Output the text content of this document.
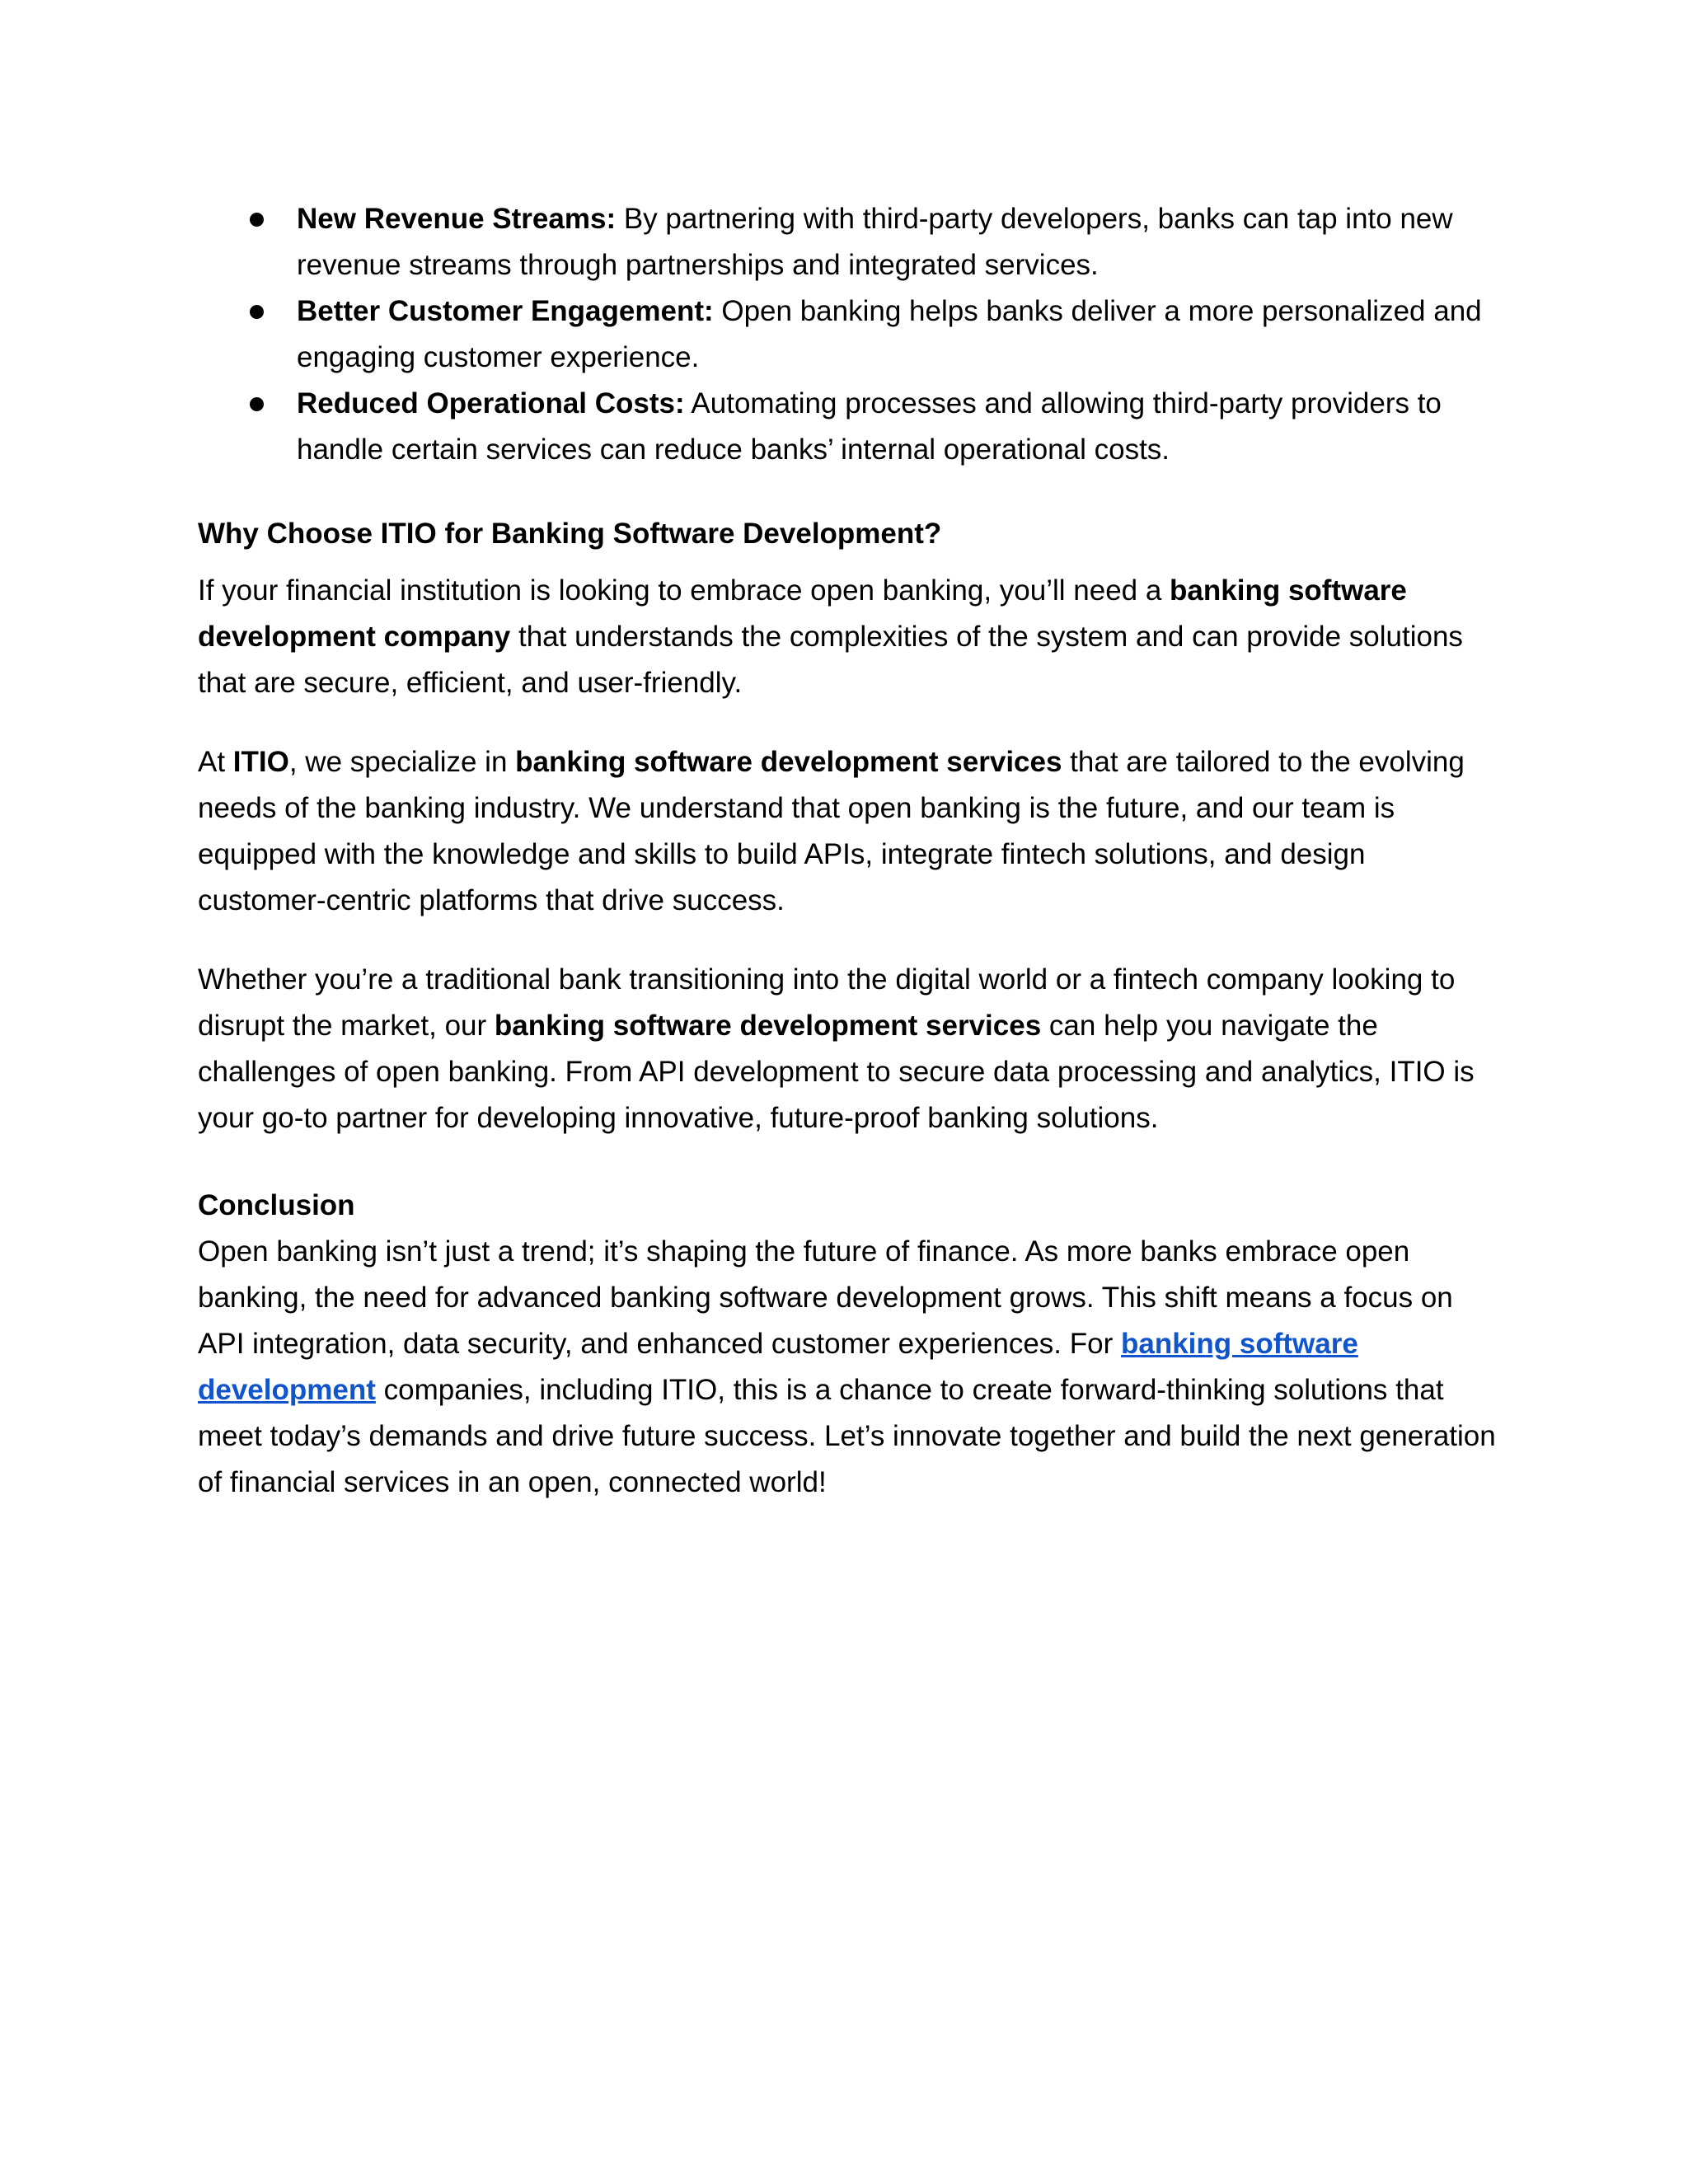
New Revenue Streams: By partnering with third-party developers, banks can tap into new revenue streams through partnerships and integrated services.
Better Customer Engagement: Open banking helps banks deliver a more personalized and engaging customer experience.
Reduced Operational Costs: Automating processes and allowing third-party providers to handle certain services can reduce banks’ internal operational costs.

Why Choose ITIO for Banking Software Development?

If your financial institution is looking to embrace open banking, you’ll need a banking software development company that understands the complexities of the system and can provide solutions that are secure, efficient, and user-friendly.

At ITIO, we specialize in banking software development services that are tailored to the evolving needs of the banking industry. We understand that open banking is the future, and our team is equipped with the knowledge and skills to build APIs, integrate fintech solutions, and design customer-centric platforms that drive success.

Whether you’re a traditional bank transitioning into the digital world or a fintech company looking to disrupt the market, our banking software development services can help you navigate the challenges of open banking. From API development to secure data processing and analytics, ITIO is your go-to partner for developing innovative, future-proof banking solutions.

Conclusion

Open banking isn’t just a trend; it’s shaping the future of finance. As more banks embrace open banking, the need for advanced banking software development grows. This shift means a focus on API integration, data security, and enhanced customer experiences. For banking software development companies, including ITIO, this is a chance to create forward-thinking solutions that meet today’s demands and drive future success. Let’s innovate together and build the next generation of financial services in an open, connected world!
